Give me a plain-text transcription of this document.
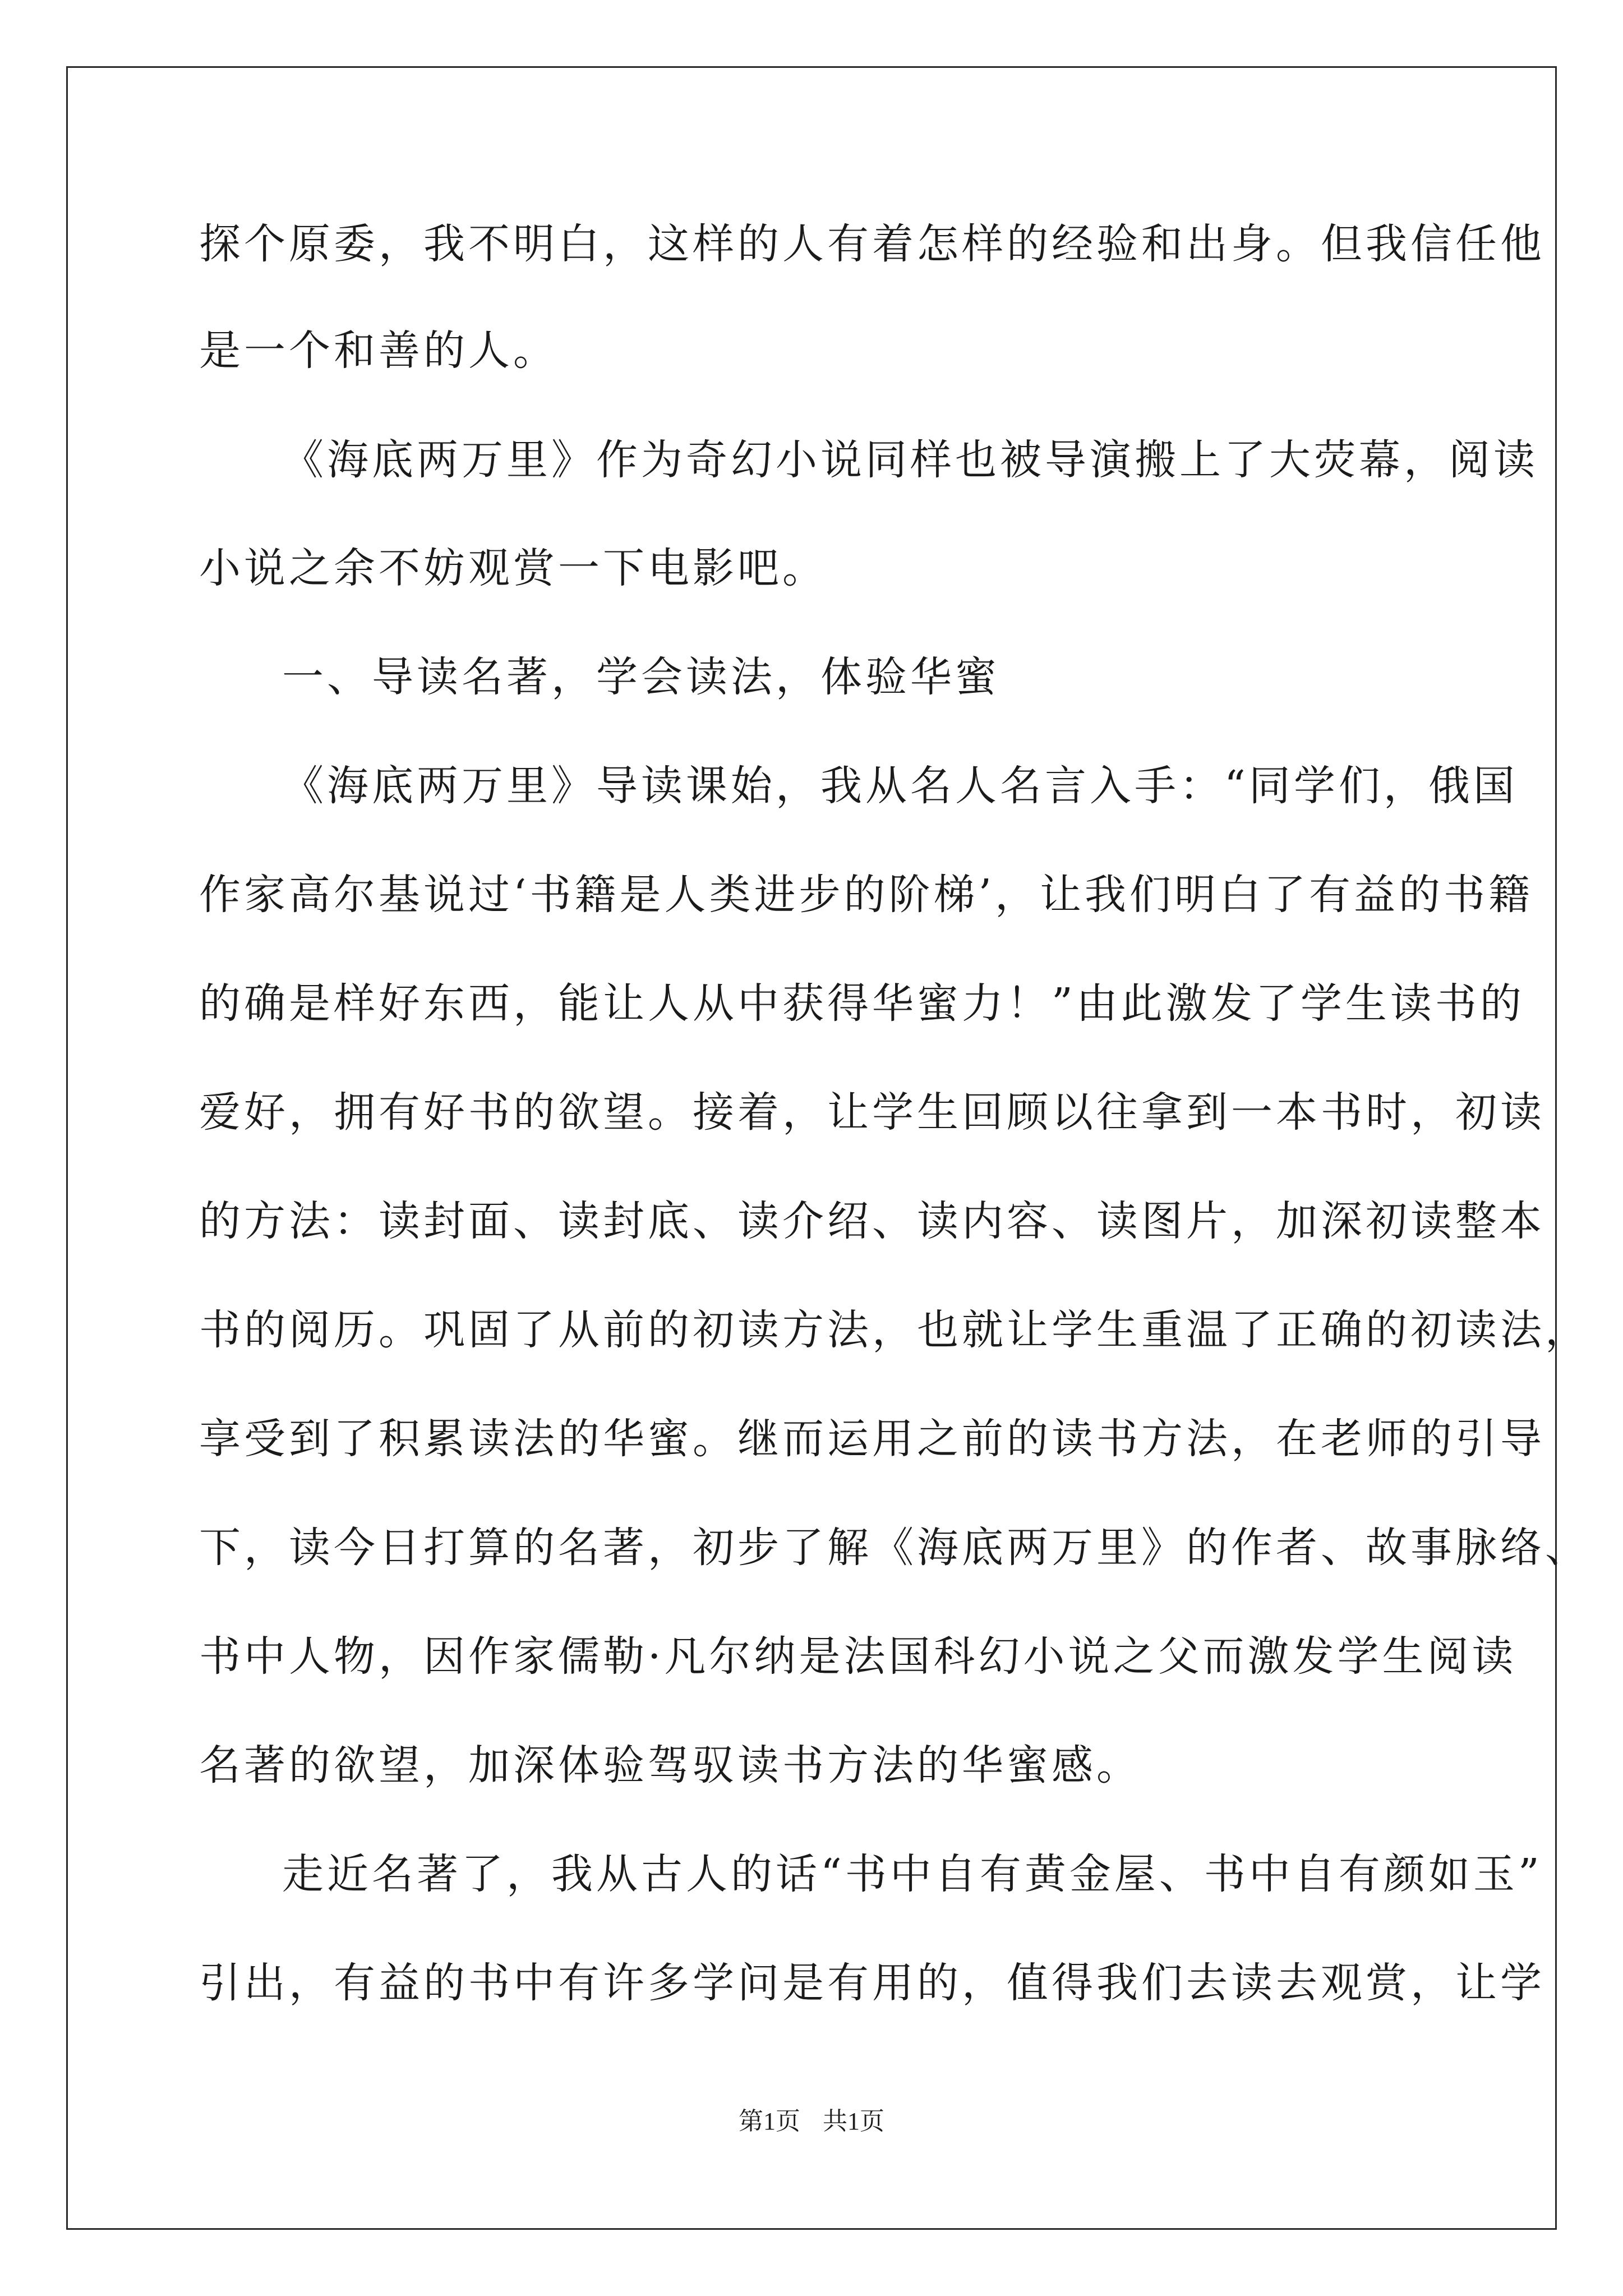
探个原委，我不明白，这样的人有着怎样的经验和出身。但我信任他
是一个和善的人。
《海底两万里》作为奇幻小说同样也被导演搬上了大荧幕，阅读
小说之余不妨观赏一下电影吧。
一、导读名著，学会读法，体验华蜜
《海底两万里》导读课始，我从名人名言入手：“同学们，俄国
作家高尔基说过‘书籍是人类进步的阶梯’，让我们明白了有益的书籍
的确是样好东西，能让人从中获得华蜜力！”由此激发了学生读书的
爱好，拥有好书的欲望。接着，让学生回顾以往拿到一本书时，初读
的方法：读封面、读封底、读介绍、读内容、读图片，加深初读整本
书的阅历。巩固了从前的初读方法，也就让学生重温了正确的初读法，
享受到了积累读法的华蜜。继而运用之前的读书方法，在老师的引导
下，读今日打算的名著，初步了解《海底两万里》的作者、故事脉络、
书中人物，因作家儒勒·凡尔纳是法国科幻小说之父而激发学生阅读
名著的欲望，加深体验驾驭读书方法的华蜜感。
走近名著了，我从古人的话“书中自有黄金屋、书中自有颜如玉”
引出，有益的书中有许多学问是有用的，值得我们去读去观赏，让学
第1页 共1页
